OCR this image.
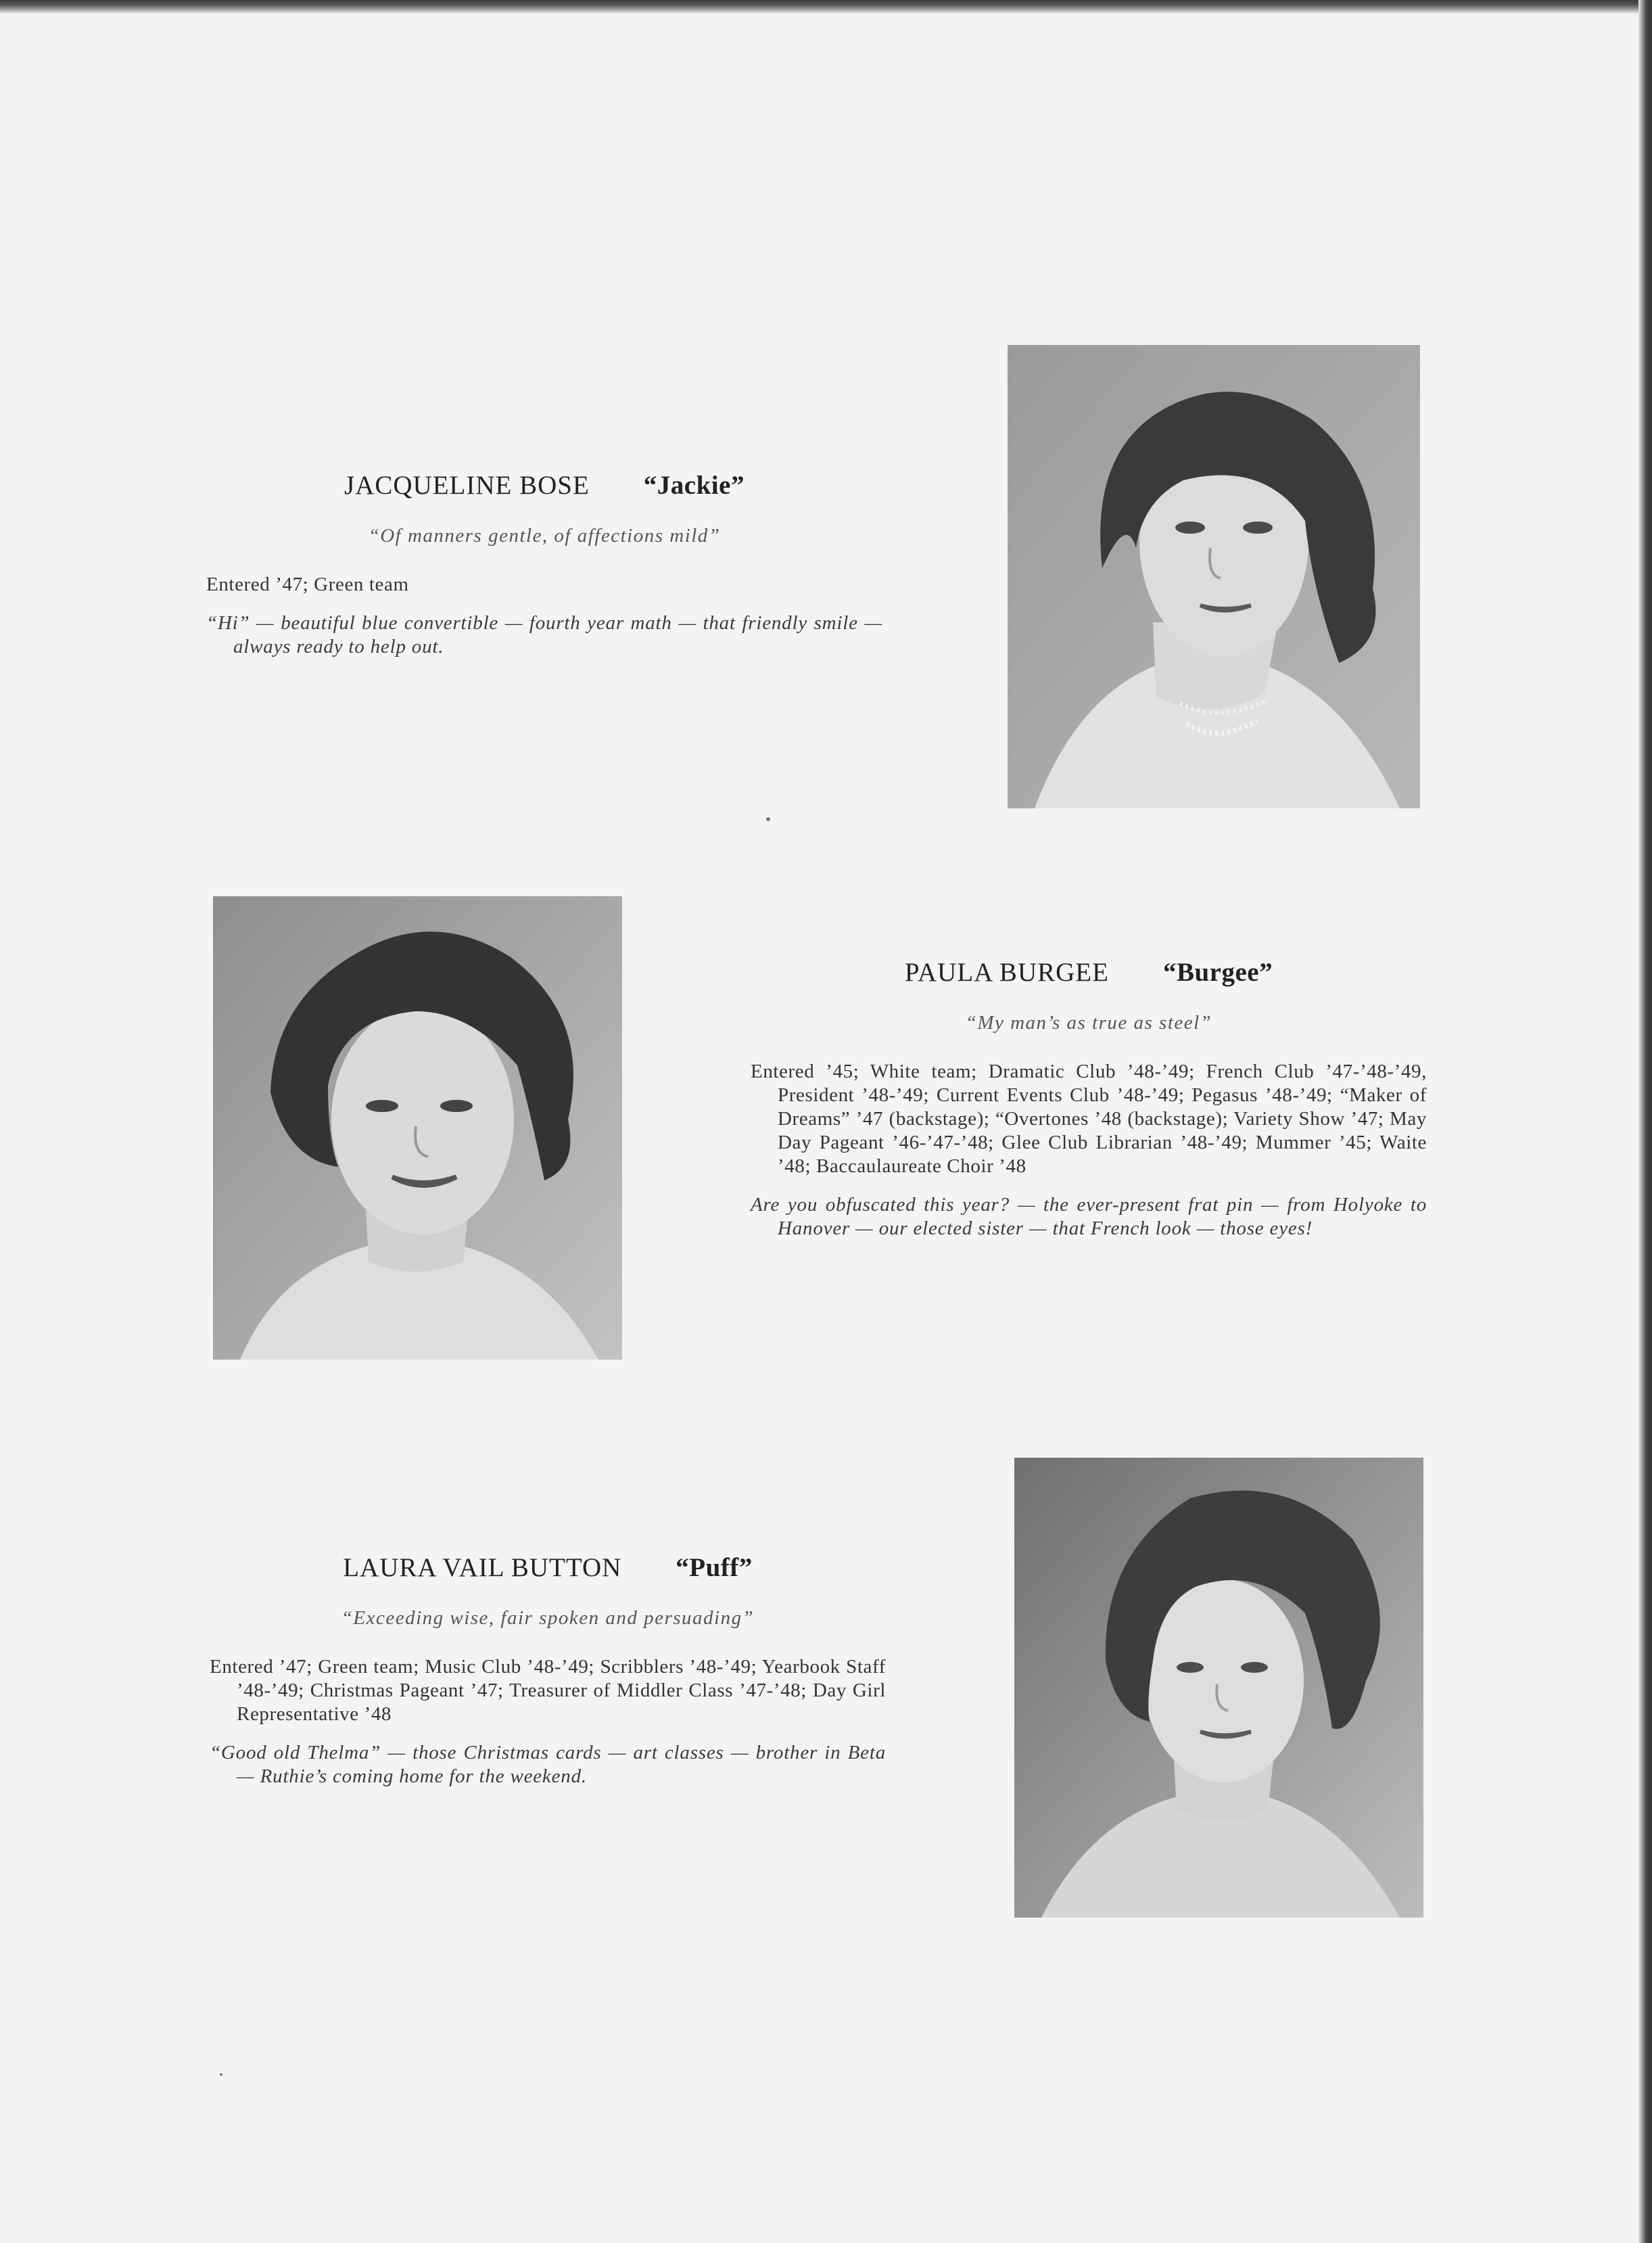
JACQUELINE BOSE “Jackie”
“Of manners gentle, of affections mild”
Entered ’47; Green team
“Hi” — beautiful blue convertible — fourth year math — that friendly smile — always ready to help out.
PAULA BURGEE “Burgee”
“My man’s as true as steel”
Entered ’45; White team; Dramatic Club ’48-’49; French Club ’47-’48-’49, President ’48-’49; Current Events Club ’48-’49; Pegasus ’48-’49; “Maker of Dreams” ’47 (backstage); “Overtones ’48 (backstage); Variety Show ’47; May Day Pageant ’46-’47-’48; Glee Club Librarian ’48-’49; Mummer ’45; Waite ’48; Baccaulaureate Choir ’48
Are you obfuscated this year? — the ever-present frat pin — from Holyoke to Hanover — our elected sister — that French look — those eyes!
LAURA VAIL BUTTON “Puff”
“Exceeding wise, fair spoken and persuading”
Entered ’47; Green team; Music Club ’48-’49; Scribblers ’48-’49; Yearbook Staff ’48-’49; Christmas Pageant ’47; Treasurer of Middler Class ’47-’48; Day Girl Representative ’48
“Good old Thelma” — those Christmas cards — art classes — brother in Beta — Ruthie’s coming home for the weekend.
